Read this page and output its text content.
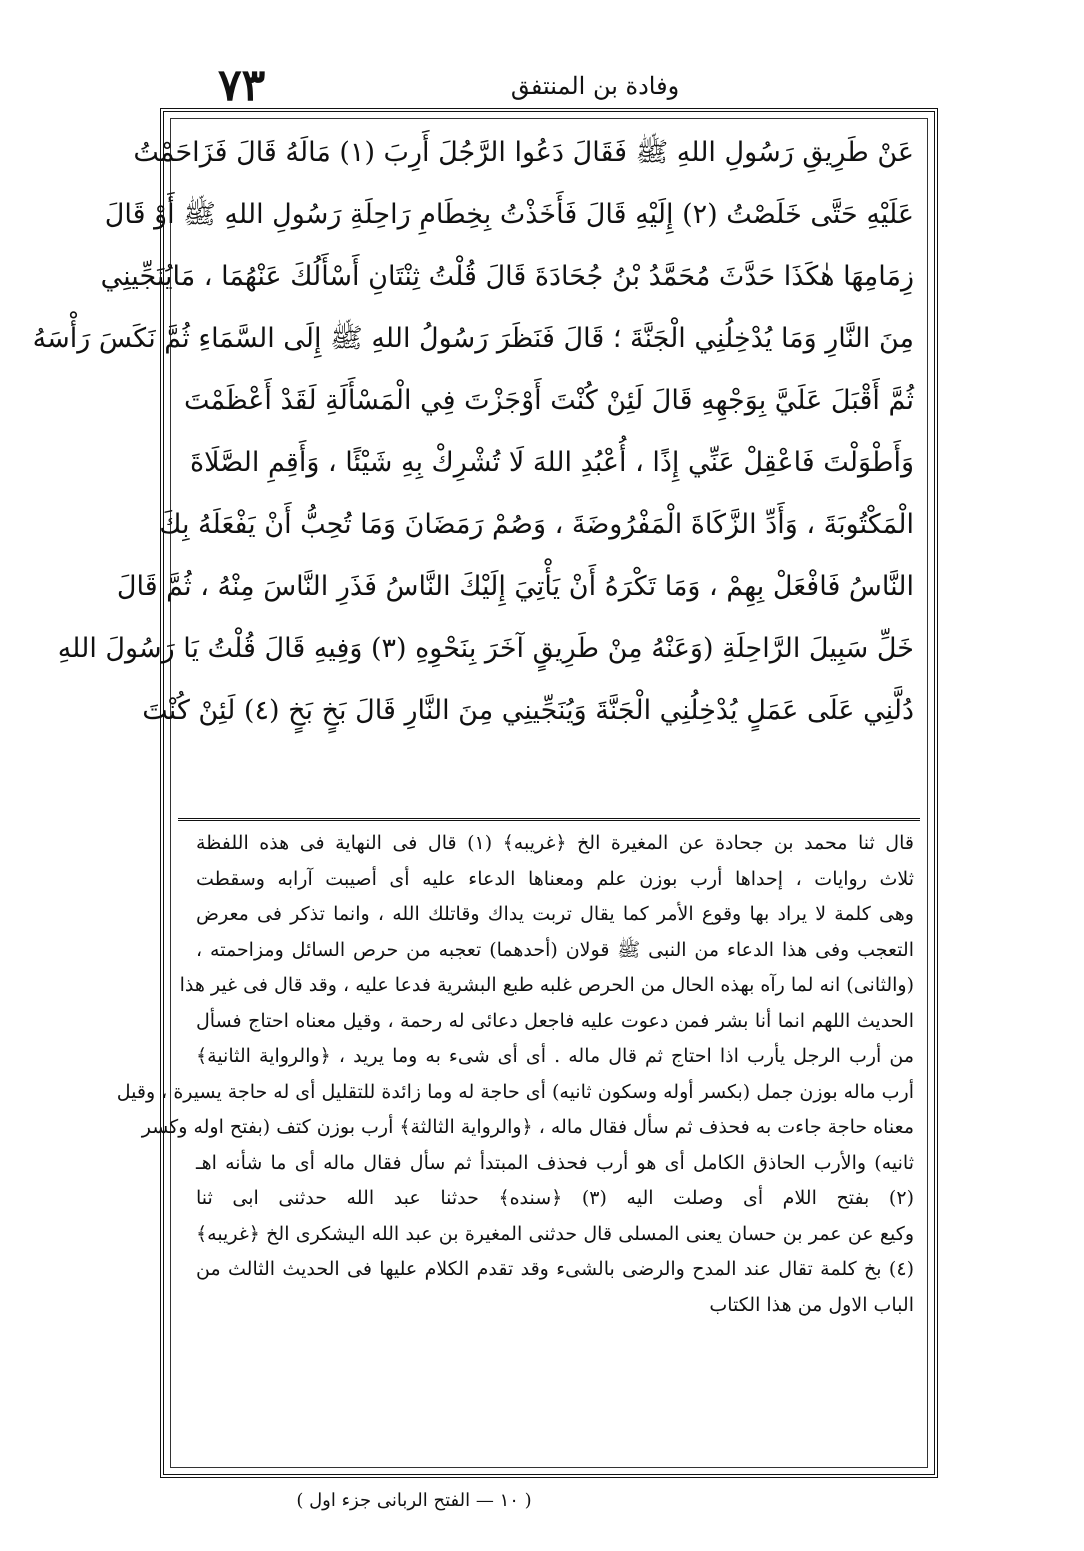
٧٣	وفادة بن المنتفق
عَنْ طَرِيقِ رَسُولِ اللهِ ﷺ فَقَالَ دَعُوا الرَّجُلَ أَرِبَ (١) مَالَهُ قَالَ فَزَاحَمْتُ
عَلَيْهِ حَتَّى خَلَصْتُ (٢) إِلَيْهِ قَالَ فَأَخَذْتُ بِخِطَامِ رَاحِلَةِ رَسُولِ اللهِ ﷺ أَوْ قَالَ
زِمَامِهَا هٰكَذَا حَدَّثَ مُحَمَّدُ بْنُ جُحَادَةَ قَالَ قُلْتُ ثِنْتَانِ أَسْأَلُكَ عَنْهُمَا ، مَايُنَجِّينِي
مِنَ النَّارِ وَمَا يُدْخِلُنِي الْجَنَّةَ ؛ قَالَ فَنَظَرَ رَسُولُ اللهِ ﷺ إِلَى السَّمَاءِ ثُمَّ نَكَسَ رَأْسَهُ
ثُمَّ أَقْبَلَ عَلَيَّ بِوَجْهِهِ قَالَ لَئِنْ كُنْتَ أَوْجَزْتَ فِي الْمَسْأَلَةِ لَقَدْ أَعْظَمْتَ
وَأَطْوَلْتَ فَاعْقِلْ عَنِّي إِذًا ، أُعْبُدِ اللهَ لَا تُشْرِكْ بِهِ شَيْئًا ، وَأَقِمِ الصَّلَاةَ
الْمَكْتُوبَةَ ، وَأَدِّ الزَّكَاةَ الْمَفْرُوضَةَ ، وَصُمْ رَمَضَانَ وَمَا تُحِبُّ أَنْ يَفْعَلَهُ بِكَ
النَّاسُ فَافْعَلْ بِهِمْ ، وَمَا تَكْرَهُ أَنْ يَأْتِيَ إِلَيْكَ النَّاسُ فَذَرِ النَّاسَ مِنْهُ ، ثُمَّ قَالَ
خَلِّ سَبِيلَ الرَّاحِلَةِ (وَعَنْهُ مِنْ طَرِيقٍ آخَرَ بِنَحْوِهِ (٣) وَفِيهِ قَالَ قُلْتُ يَا رَسُولَ اللهِ
دُلَّنِي عَلَى عَمَلٍ يُدْخِلُنِي الْجَنَّةَ وَيُنَجِّينِي مِنَ النَّارِ قَالَ بَخٍ بَخٍ (٤) لَئِنْ كُنْتَ
قال ثنا محمد بن جحادة عن المغيرة الخ ﴿غريبه﴾ (١) قال فى النهاية فى هذه اللفظة
ثلاث روايات ، إحداها أرب بوزن علم ومعناها الدعاء عليه أى أصيبت آرابه وسقطت
وهى كلمة لا يراد بها وقوع الأمر كما يقال تربت يداك وقاتلك الله ، وانما تذكر فى معرض
التعجب وفى هذا الدعاء من النبى ﷺ قولان (أحدهما) تعجبه من حرص السائل ومزاحمته ،
(والثانى) انه لما رآه بهذه الحال من الحرص غلبه طبع البشرية فدعا عليه ، وقد قال فى غير هذا
الحديث اللهم انما أنا بشر فمن دعوت عليه فاجعل دعائى له رحمة ، وقيل معناه احتاج فسأل
من أرب الرجل يأرب اذا احتاج ثم قال ماله . أى أى شىء به وما يريد ، ﴿والرواية الثانية﴾
أرب ماله بوزن جمل (بكسر أوله وسكون ثانيه) أى حاجة له وما زائدة للتقليل أى له حاجة يسيرة ، وقيل
معناه حاجة جاءت به فحذف ثم سأل فقال ماله ، ﴿والرواية الثالثة﴾ أرب بوزن كتف (بفتح اوله وكسر
ثانيه) والأرب الحاذق الكامل أى هو أرب فحذف المبتدأ ثم سأل فقال ماله أى ما شأنه اهـ
(٢) بفتح اللام أى وصلت اليه (٣) ﴿سنده﴾ حدثنا عبد الله حدثنى ابى ثنا
وكيع عن عمر بن حسان يعنى المسلى قال حدثنى المغيرة بن عبد الله اليشكرى الخ ﴿غريبه﴾
(٤) بخ كلمة تقال عند المدح والرضى بالشىء وقد تقدم الكلام عليها فى الحديث الثالث من
الباب الاول من هذا الكتاب
( ١٠ — الفتح الربانى جزء اول )
